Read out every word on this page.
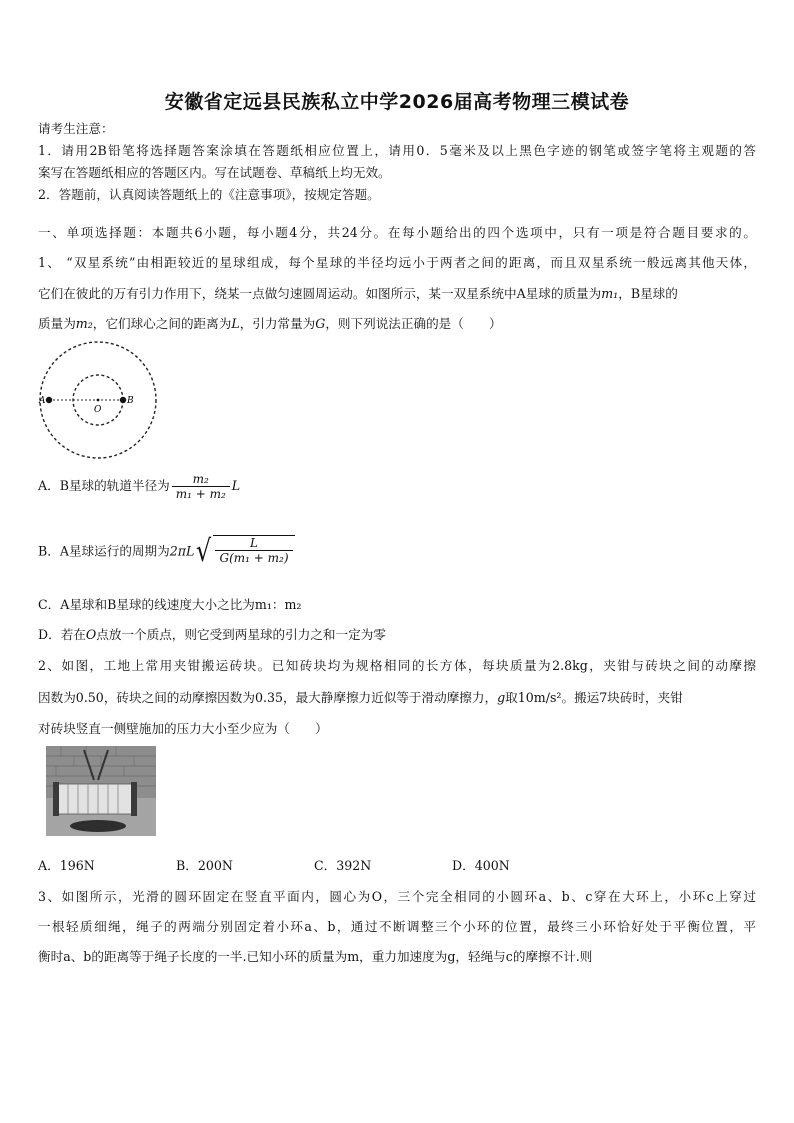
安徽省定远县民族私立中学2026届高考物理三模试卷
请考生注意：
1．请用2B铅笔将选择题答案涂填在答题纸相应位置上，请用0．5毫米及以上黑色字迹的钢笔或签字笔将主观题的答
案写在答题纸相应的答题区内。写在试题卷、草稿纸上均无效。
2．答题前，认真阅读答题纸上的《注意事项》，按规定答题。
一、单项选择题：本题共6小题，每小题4分，共24分。在每小题给出的四个选项中，只有一项是符合题目要求的。
1、 “双星系统”由相距较近的星球组成，每个星球的半径均远小于两者之间的距离，而且双星系统一般远离其他天体，
它们在彼此的万有引力作用下，绕某一点做匀速圆周运动。如图所示，某一双星系统中A星球的质量为m₁，B星球的
质量为m₂，它们球心之间的距离为L，引力常量为G，则下列说法正确的是（　　）
A
O
B
A．B星球的轨道半径为 $\frac{\text{m₂}}{\text{m₁ + m₂}}$ L
B．A星球运行的周期为2πL √ $\frac{L}{\text{G(m₁ + m₂)}}$
C．A星球和B星球的线速度大小之比为m₁：m₂
D．若在O点放一个质点，则它受到两星球的引力之和一定为零
2、如图，工地上常用夹钳搬运砖块。已知砖块均为规格相同的长方体，每块质量为2.8kg，夹钳与砖块之间的动摩擦
因数为0.50，砖块之间的动摩擦因数为0.35，最大静摩擦力近似等于滑动摩擦力，g取10m/s²。搬运7块砖时，夹钳
对砖块竖直一侧壁施加的压力大小至少应为（　　）
A．196N	B．200N	C．392N	D．400N
3、如图所示，光滑的圆环固定在竖直平面内，圆心为O，三个完全相同的小圆环a、b、c穿在大环上，小环c上穿过
一根轻质细绳，绳子的两端分别固定着小环a、b，通过不断调整三个小环的位置，最终三小环恰好处于平衡位置，平
衡时a、b的距离等于绳子长度的一半.已知小环的质量为m，重力加速度为g，轻绳与c的摩擦不计.则
